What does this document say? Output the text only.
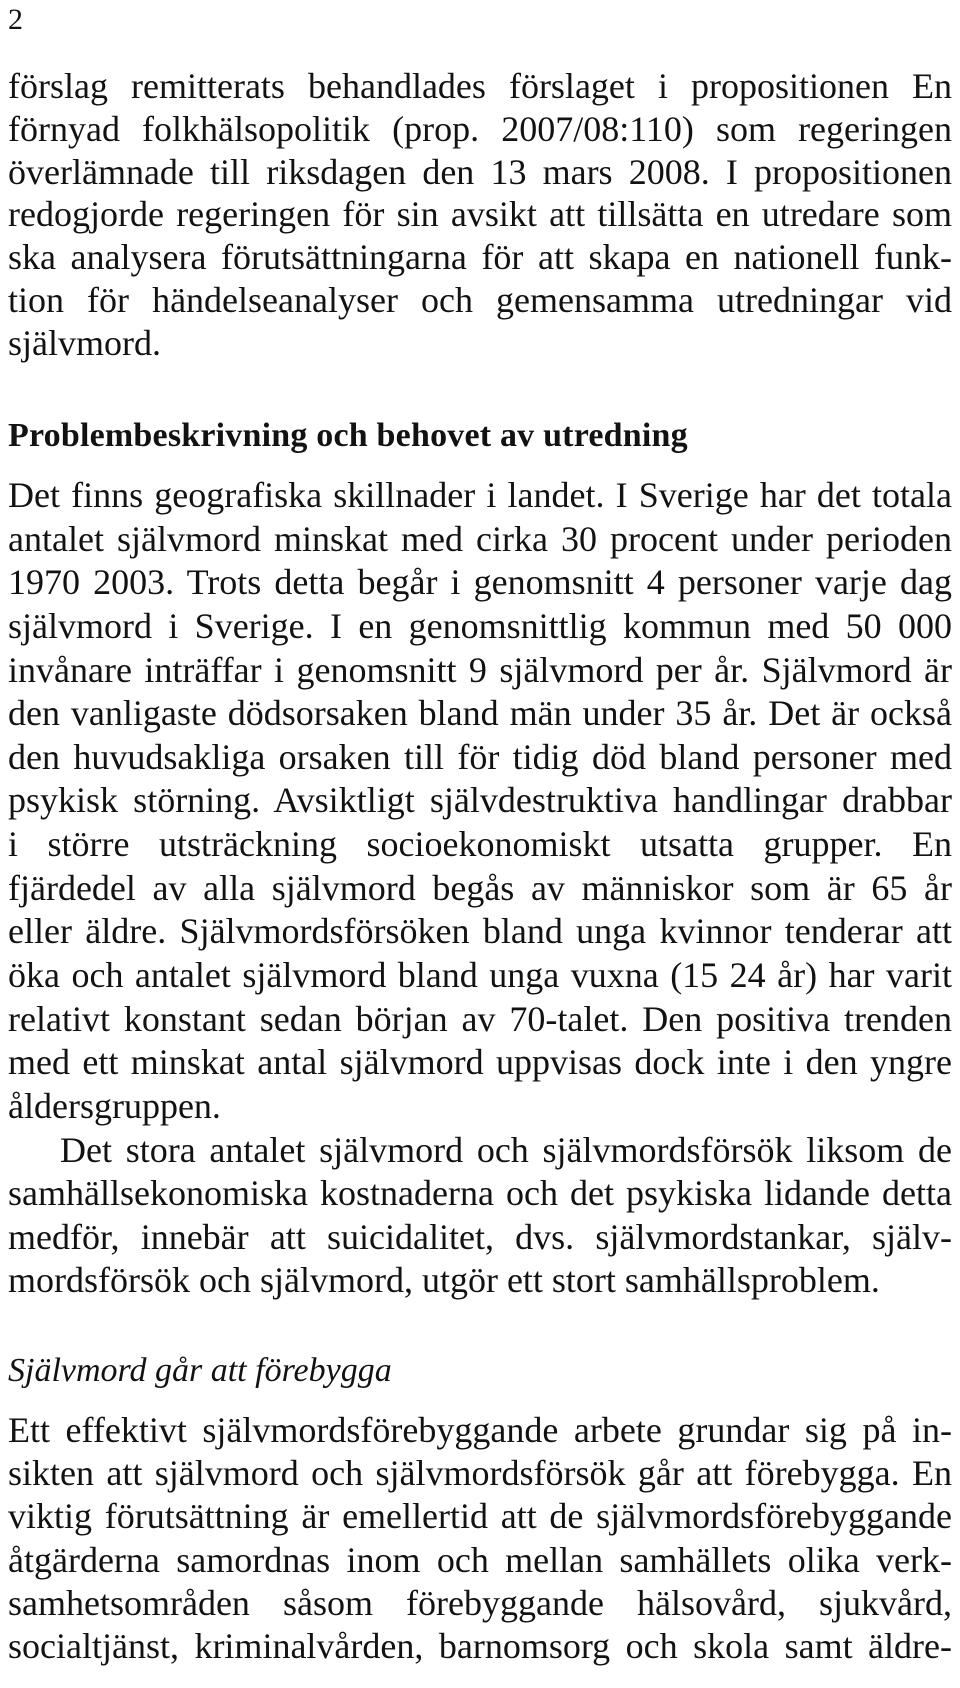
2
förslag remitterats behandlades förslaget i propositionen En
förnyad folkhälsopolitik (prop. 2007/08:110) som regeringen
överlämnade till riksdagen den 13 mars 2008. I propositionen
redogjorde regeringen för sin avsikt att tillsätta en utredare som
ska analysera förutsättningarna för att skapa en nationell funk-
tion för händelseanalyser och gemensamma utredningar vid
självmord.
Problembeskrivning och behovet av utredning
Det finns geografiska skillnader i landet. I Sverige har det totala
antalet självmord minskat med cirka 30 procent under perioden
1970 2003. Trots detta begår i genomsnitt 4 personer varje dag
självmord i Sverige. I en genomsnittlig kommun med 50 000
invånare inträffar i genomsnitt 9 självmord per år. Självmord är
den vanligaste dödsorsaken bland män under 35 år. Det är också
den huvudsakliga orsaken till för tidig död bland personer med
psykisk störning. Avsiktligt självdestruktiva handlingar drabbar
i större utsträckning socioekonomiskt utsatta grupper. En
fjärdedel av alla självmord begås av människor som är 65 år
eller äldre. Självmordsförsöken bland unga kvinnor tenderar att
öka och antalet självmord bland unga vuxna (15 24 år) har varit
relativt konstant sedan början av 70-talet. Den positiva trenden
med ett minskat antal självmord uppvisas dock inte i den yngre
åldersgruppen.
Det stora antalet självmord och självmordsförsök liksom de
samhällsekonomiska kostnaderna och det psykiska lidande detta
medför, innebär att suicidalitet, dvs. självmordstankar, själv-
mordsförsök och självmord, utgör ett stort samhällsproblem.
Självmord går att förebygga
Ett effektivt självmordsförebyggande arbete grundar sig på in-
sikten att självmord och självmordsförsök går att förebygga. En
viktig förutsättning är emellertid att de självmordsförebyggande
åtgärderna samordnas inom och mellan samhällets olika verk-
samhetsområden såsom förebyggande hälsovård, sjukvård,
socialtjänst, kriminalvården, barnomsorg och skola samt äldre-
